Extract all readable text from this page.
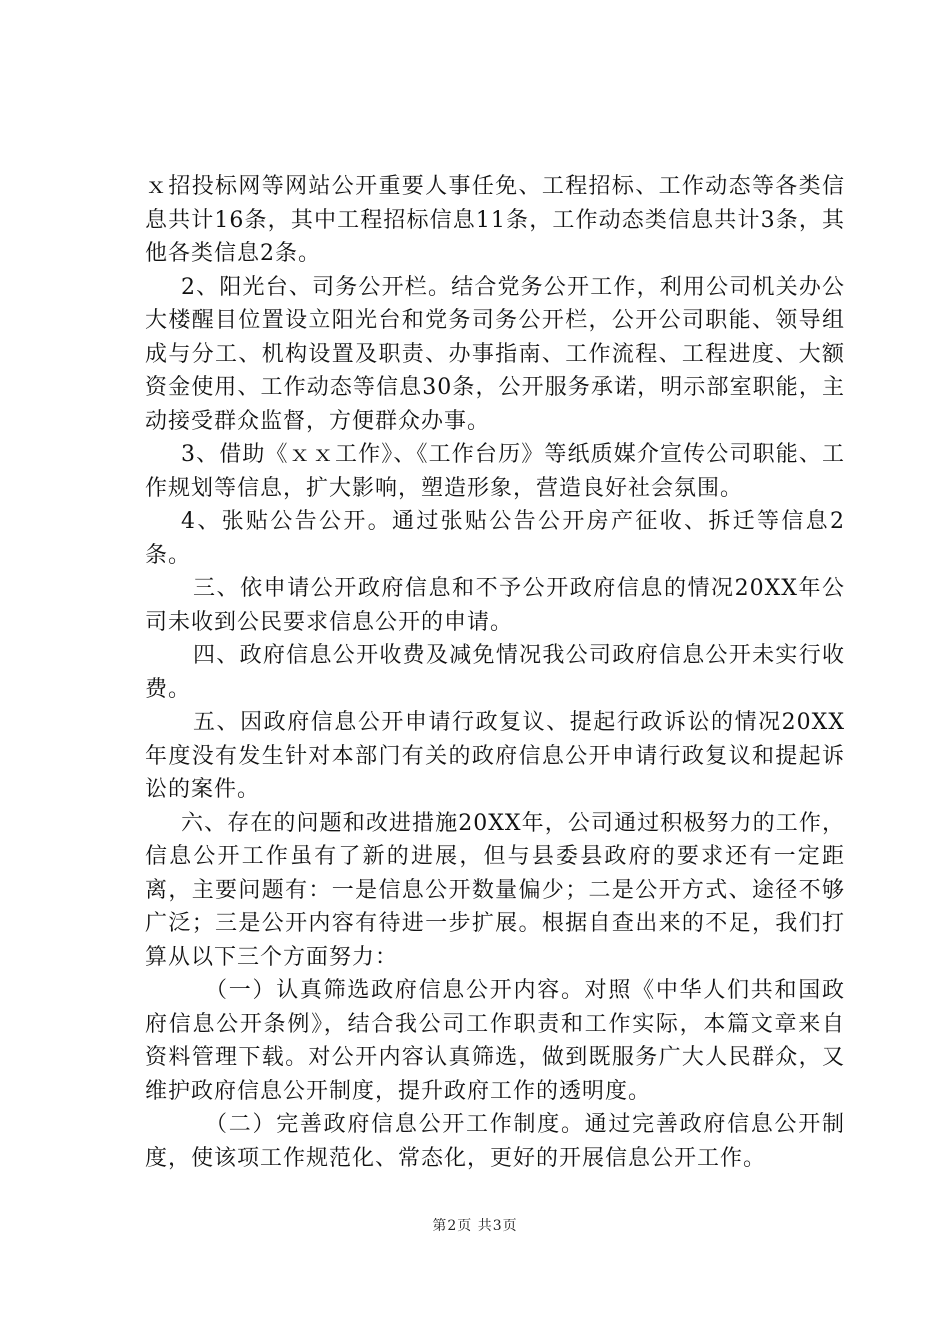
ｘ招投标网等网站公开重要人事任免、工程招标、工作动态等各类信息共计16条，其中工程招标信息11条，工作动态类信息共计3条，其他各类信息2条。

2、阳光台、司务公开栏。结合党务公开工作，利用公司机关办公大楼醒目位置设立阳光台和党务司务公开栏，公开公司职能、领导组成与分工、机构设置及职责、办事指南、工作流程、工程进度、大额资金使用、工作动态等信息30条，公开服务承诺，明示部室职能，主动接受群众监督，方便群众办事。

3、借助《ｘｘ工作》、《工作台历》等纸质媒介宣传公司职能、工作规划等信息，扩大影响，塑造形象，营造良好社会氛围。

4、张贴公告公开。通过张贴公告公开房产征收、拆迁等信息2条。

三、依申请公开政府信息和不予公开政府信息的情况20XX年公司未收到公民要求信息公开的申请。

四、政府信息公开收费及减免情况我公司政府信息公开未实行收费。

五、因政府信息公开申请行政复议、提起行政诉讼的情况20XX年度没有发生针对本部门有关的政府信息公开申请行政复议和提起诉讼的案件。

六、存在的问题和改进措施20XX年，公司通过积极努力的工作，信息公开工作虽有了新的进展，但与县委县政府的要求还有一定距离，主要问题有：一是信息公开数量偏少；二是公开方式、途径不够广泛；三是公开内容有待进一步扩展。根据自查出来的不足，我们打算从以下三个方面努力：

（一）认真筛选政府信息公开内容。对照《中华人们共和国政府信息公开条例》，结合我公司工作职责和工作实际，本篇文章来自资料管理下载。对公开内容认真筛选，做到既服务广大人民群众，又维护政府信息公开制度，提升政府工作的透明度。

（二）完善政府信息公开工作制度。通过完善政府信息公开制度，使该项工作规范化、常态化，更好的开展信息公开工作。

第2页 共3页
